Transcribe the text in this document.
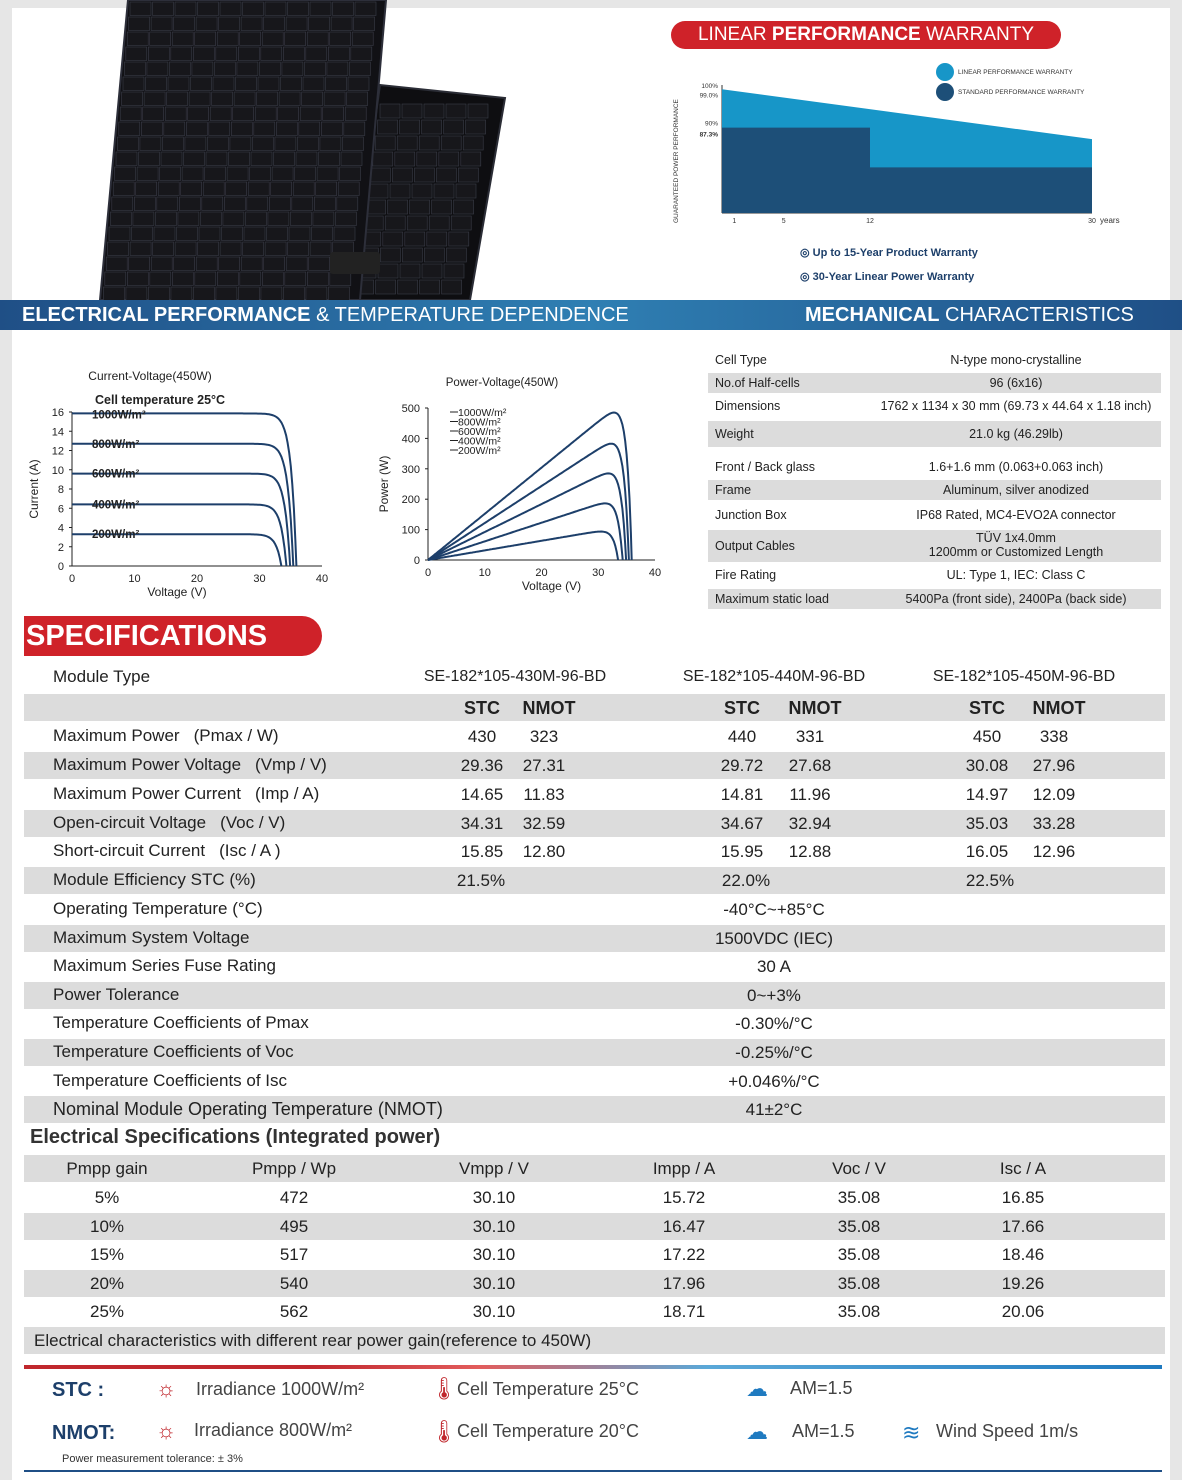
LINEAR PERFORMANCE WARRANTY
100%
99.0%
90%
87.3%
1	5	12	30 years
GUARANTEED POWER PERFORMANCE
LINEAR PERFORMANCE WARRANTY
STANDARD PERFORMANCE WARRANTY
◎ Up to 15-Year Product Warranty
◎ 30-Year Linear Power Warranty
ELECTRICAL PERFORMANCE & TEMPERATURE DEPENDENCE	MECHANICAL CHARACTERISTICS
Current-Voltage(450W)
Cell temperature 25°C
0
2
4
6
8
10
12
14
16
0	10	20	30	40
Voltage (V)
Current (A)
1000W/m²
800W/m²
600W/m²
400W/m²
200W/m²
Power-Voltage(450W)
0
100
200
300
400
500
0	10	20	30	40
Voltage (V)
Power (W)
1000W/m²
800W/m²
600W/m²
400W/m²
200W/m²
Cell Type	N-type mono-crystalline
No.of Half-cells	96 (6x16)
Dimensions	1762 x 1134 x 30 mm (69.73 x 44.64 x 1.18 inch)
Weight	21.0 kg (46.29lb)
Front / Back glass	1.6+1.6 mm (0.063+0.063 inch)
Frame	Aluminum, silver anodized
Junction Box	IP68 Rated, MC4-EVO2A connector
Output Cables
TÜV 1x4.0mm
1200mm or Customized Length
Fire Rating	UL: Type 1, IEC: Class C
Maximum static load	5400Pa (front side), 2400Pa (back side)
SPECIFICATIONS
Module Type	SE-182*105-430M-96-BD	SE-182*105-440M-96-BD	SE-182*105-450M-96-BD
STC	NMOT	STC	NMOT	STC	NMOT
Maximum Power (Pmax / W)	430	323	440	331	450	338
Maximum Power Voltage (Vmp / V)	29.36	27.31	29.72	27.68	30.08	27.96
Maximum Power Current (Imp / A)	14.65	11.83	14.81	11.96	14.97	12.09
Open-circuit Voltage (Voc / V)	34.31	32.59	34.67	32.94	35.03	33.28
Short-circuit Current (Isc / A )	15.85	12.80	15.95	12.88	16.05	12.96
Module Efficiency STC (%)	21.5%	22.0%	22.5%
Operating Temperature (°C)	-40°C~+85°C
Maximum System Voltage	1500VDC (IEC)
Maximum Series Fuse Rating	30 A
Power Tolerance	0~+3%
Temperature Coefficients of Pmax	-0.30%/°C
Temperature Coefficients of Voc	-0.25%/°C
Temperature Coefficients of Isc	+0.046%/°C
Nominal Module Operating Temperature (NMOT)	41±2°C
Electrical Specifications (Integrated power)
Pmpp gain	Pmpp / Wp	Vmpp / V	Impp / A	Voc / V	Isc / A
5%	472	30.10	15.72	35.08	16.85
10%	495	30.10	16.47	35.08	17.66
15%	517	30.10	17.22	35.08	18.46
20%	540	30.10	17.96	35.08	19.26
25%	562	30.10	18.71	35.08	20.06
Electrical characteristics with different rear power gain(reference to 450W)
STC :
NMOT:
☼ Irradiance 1000W/m²
☼ Irradiance 800W/m²
🌡 Cell Temperature 25°C
🌡 Cell Temperature 20°C
☁ AM=1.5
☁ AM=1.5 ≋ Wind Speed 1m/s
Power measurement tolerance: ± 3%
